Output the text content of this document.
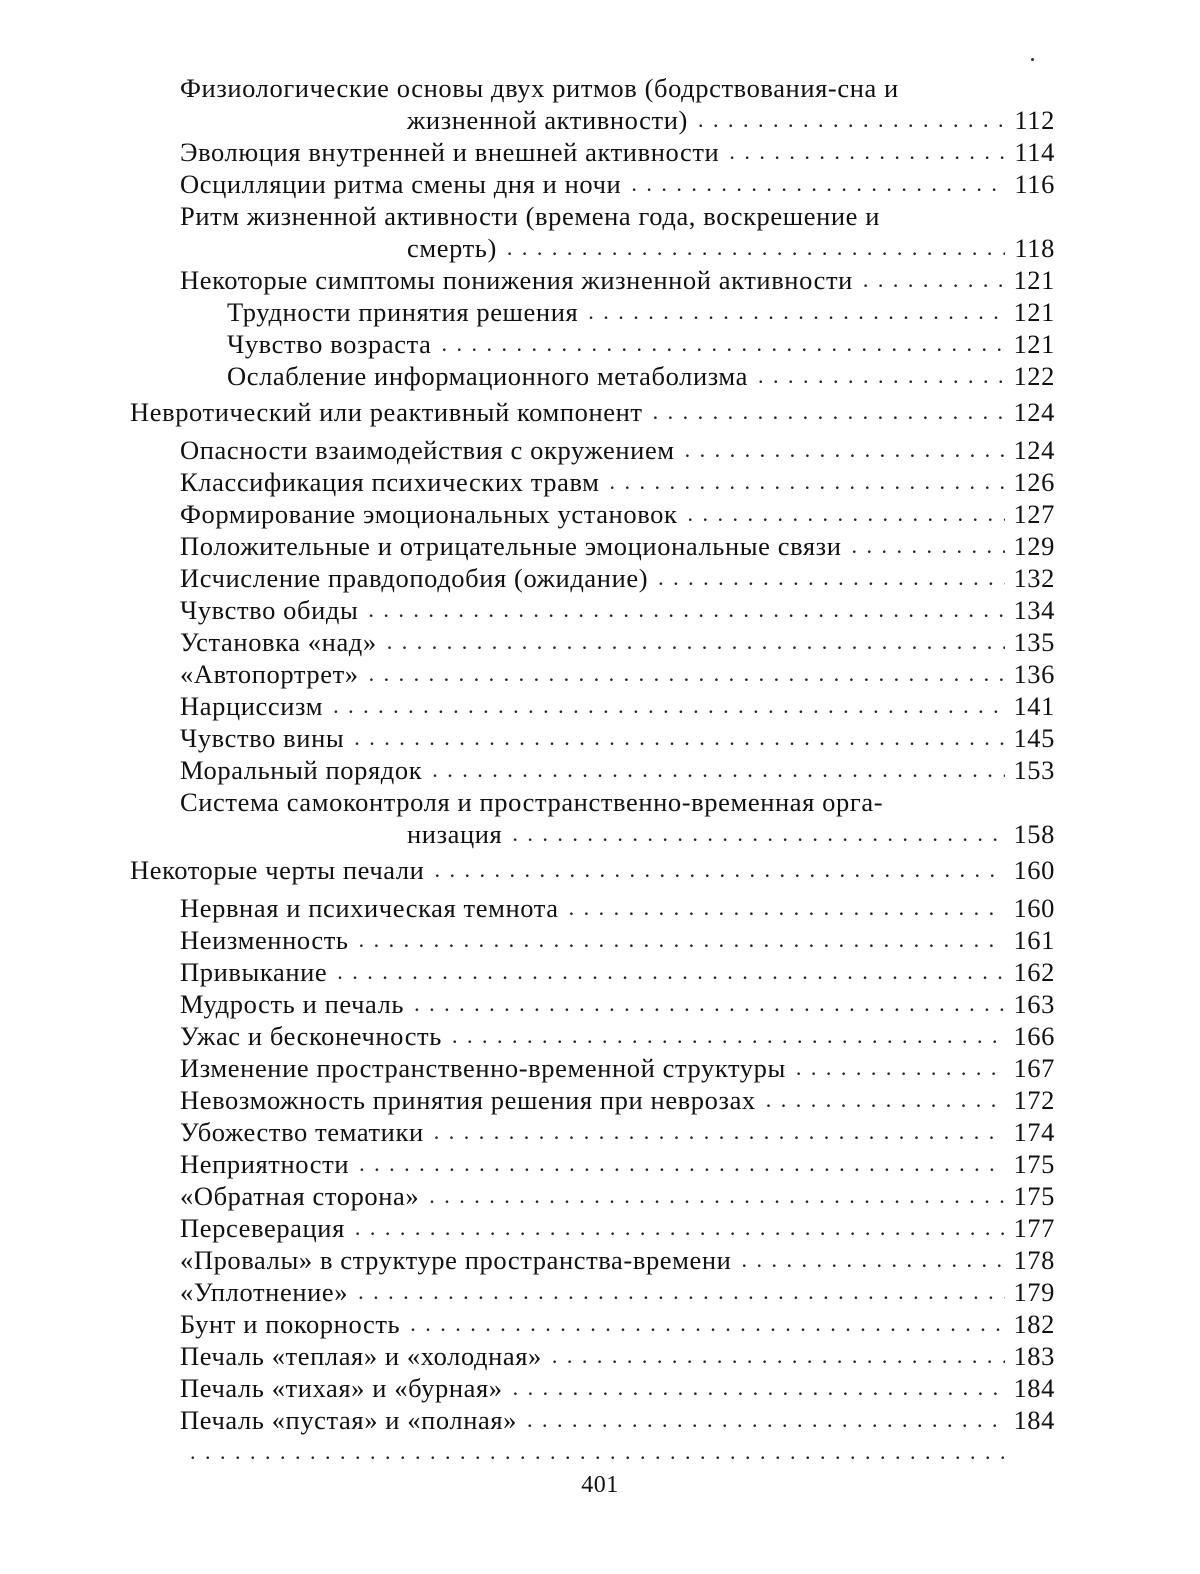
Физиологические основы двух ритмов (бодрствования-сна и
жизненной активности)
. . .	112
Эволюция внутренней и внешней активности
. . .	114
Осцилляции ритма смены дня и ночи
. . .	116
Ритм жизненной активности (времена года, воскрешение и
смерть)
. . .	118
Некоторые симптомы понижения жизненной активности
. . .	121
Трудности принятия решения
. . .	121
Чувство возраста
. . .	121
Ослабление информационного метаболизма
. . .	122
Невротический или реактивный компонент
. . .	124
Опасности взаимодействия с окружением
. . .	124
Классификация психических травм
. . .	126
Формирование эмоциональных установок
. . .	127
Положительные и отрицательные эмоциональные связи
. . .	129
Исчисление правдоподобия (ожидание)
. . .	132
Чувство обиды
. . .	134
Установка «над»
. . .	135
«Автопортрет»
. . .	136
Нарциссизм
. . .	141
Чувство вины
. . .	145
Моральный порядок
. . .	153
Система самоконтроля и пространственно-временная орга-
низация
. . .	158
Некоторые черты печали
. . .	160
Нервная и психическая темнота
. . .	160
Неизменность
. . .	161
Привыкание
. . .	162
Мудрость и печаль
. . .	163
Ужас и бесконечность
. . .	166
Изменение пространственно-временной структуры
. . .	167
Невозможность принятия решения при неврозах
. . .	172
Убожество тематики
. . .	174
Неприятности
. . .	175
«Обратная сторона»
. . .	175
Персеверация
. . .	177
«Провалы» в структуре пространства-времени
. . .	178
«Уплотнение»
. . .	179
Бунт и покорность
. . .	182
Печаль «теплая» и «холодная»
. . .	183
Печаль «тихая» и «бурная»
. . .	184
Печаль «пустая» и «полная»
. . .	184
. . .
401
